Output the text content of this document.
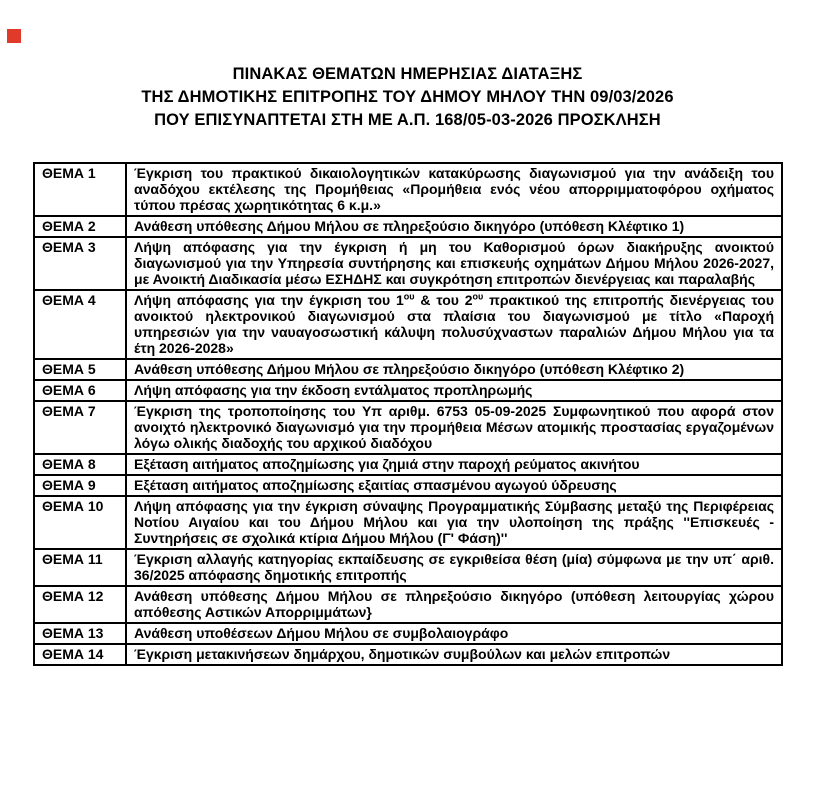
ΠΙΝΑΚΑΣ ΘΕΜΑΤΩΝ ΗΜΕΡΗΣΙΑΣ ΔΙΑΤΑΞΗΣ
ΤΗΣ ΔΗΜΟΤΙΚΗΣ ΕΠΙΤΡΟΠΗΣ ΤΟΥ ΔΗΜΟΥ ΜΗΛΟΥ ΤΗΝ 09/03/2026
ΠΟΥ ΕΠΙΣΥΝΑΠΤΕΤΑΙ ΣΤΗ ΜΕ Α.Π. 168/05-03-2026 ΠΡΟΣΚΛΗΣΗ
ΘΕΜΑ 1	Έγκριση του πρακτικού δικαιολογητικών κατακύρωσης διαγωνισμού για την ανάδειξη του αναδόχου εκτέλεσης της Προμήθειας «Προμήθεια ενός νέου απορριμματοφόρου οχήματος τύπου πρέσας χωρητικότητας 6 κ.μ.»
ΘΕΜΑ 2	Ανάθεση υπόθεσης Δήμου Μήλου σε πληρεξούσιο δικηγόρο (υπόθεση Κλέφτικο 1)
ΘΕΜΑ 3	Λήψη απόφασης για την έγκριση ή μη του Καθορισμού όρων διακήρυξης ανοικτού διαγωνισμού για την Υπηρεσία συντήρησης και επισκευής οχημάτων Δήμου Μήλου 2026-2027, με Ανοικτή Διαδικασία μέσω ΕΣΗΔΗΣ και συγκρότηση επιτροπών διενέργειας και παραλαβής
ΘΕΜΑ 4	Λήψη απόφασης για την έγκριση του $1^{o\upsilon}$ & του $2^{o\upsilon}$ πρακτικού της επιτροπής διενέργειας του ανοικτού ηλεκτρονικού διαγωνισμού στα πλαίσια του διαγωνισμού με τίτλο «Παροχή υπηρεσιών για την ναυαγοσωστική κάλυψη πολυσύχναστων παραλιών Δήμου Μήλου για τα έτη 2026-2028»
ΘΕΜΑ 5	Ανάθεση υπόθεσης Δήμου Μήλου σε πληρεξούσιο δικηγόρο (υπόθεση Κλέφτικο 2)
ΘΕΜΑ 6	Λήψη απόφασης για την έκδοση εντάλματος προπληρωμής
ΘΕΜΑ 7	Έγκριση της τροποποίησης του Υπ αριθμ. 6753 05-09-2025 Συμφωνητικού που αφορά στον ανοιχτό ηλεκτρονικό διαγωνισμό για την προμήθεια Μέσων ατομικής προστασίας εργαζομένων λόγω ολικής διαδοχής του αρχικού διαδόχου
ΘΕΜΑ 8	Εξέταση αιτήματος αποζημίωσης για ζημιά στην παροχή ρεύματος ακινήτου
ΘΕΜΑ 9	Εξέταση αιτήματος αποζημίωσης εξαιτίας σπασμένου αγωγού ύδρευσης
ΘΕΜΑ 10	Λήψη απόφασης για την έγκριση σύναψης Προγραμματικής Σύμβασης μεταξύ της Περιφέρειας Νοτίου Αιγαίου και του Δήμου Μήλου και για την υλοποίηση της πράξης ''Επισκευές - Συντηρήσεις σε σχολικά κτίρια Δήμου Μήλου (Γ' Φάση)''
ΘΕΜΑ 11	Έγκριση αλλαγής κατηγορίας εκπαίδευσης σε εγκριθείσα θέση (μία) σύμφωνα με την υπ΄ αριθ. 36/2025 απόφασης δημοτικής επιτροπής
ΘΕΜΑ 12	Ανάθεση υπόθεσης Δήμου Μήλου σε πληρεξούσιο δικηγόρο (υπόθεση λειτουργίας χώρου απόθεσης Αστικών Απορριμμάτων}
ΘΕΜΑ 13	Ανάθεση υποθέσεων Δήμου Μήλου σε συμβολαιογράφο
ΘΕΜΑ 14	Έγκριση μετακινήσεων δημάρχου, δημοτικών συμβούλων και μελών επιτροπών
